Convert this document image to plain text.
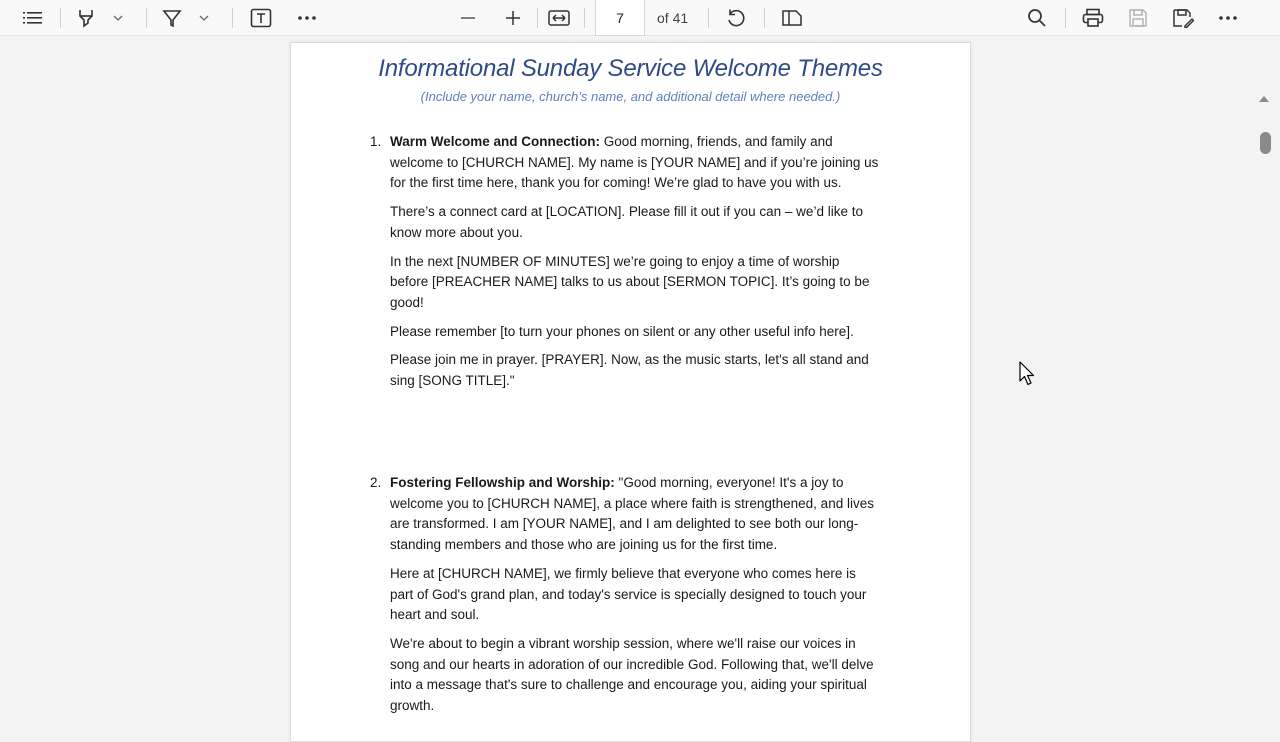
7 of 41
Informational Sunday Service Welcome Themes
(Include your name, church’s name, and additional detail where needed.)
1. Warm Welcome and Connection: Good morning, friends, and family and welcome to [CHURCH NAME]. My name is [YOUR NAME] and if you’re joining us for the first time here, thank you for coming! We’re glad to have you with us.

There’s a connect card at [LOCATION]. Please fill it out if you can – we’d like to know more about you.

In the next [NUMBER OF MINUTES] we’re going to enjoy a time of worship before [PREACHER NAME] talks to us about [SERMON TOPIC]. It’s going to be good!

Please remember [to turn your phones on silent or any other useful info here].

Please join me in prayer. [PRAYER]. Now, as the music starts, let's all stand and sing [SONG TITLE]."

2. Fostering Fellowship and Worship: "Good morning, everyone! It's a joy to welcome you to [CHURCH NAME], a place where faith is strengthened, and lives are transformed. I am [YOUR NAME], and I am delighted to see both our long-standing members and those who are joining us for the first time.

Here at [CHURCH NAME], we firmly believe that everyone who comes here is part of God's grand plan, and today's service is specially designed to touch your heart and soul.

We're about to begin a vibrant worship session, where we'll raise our voices in song and our hearts in adoration of our incredible God. Following that, we'll delve into a message that's sure to challenge and encourage you, aiding your spiritual growth.
